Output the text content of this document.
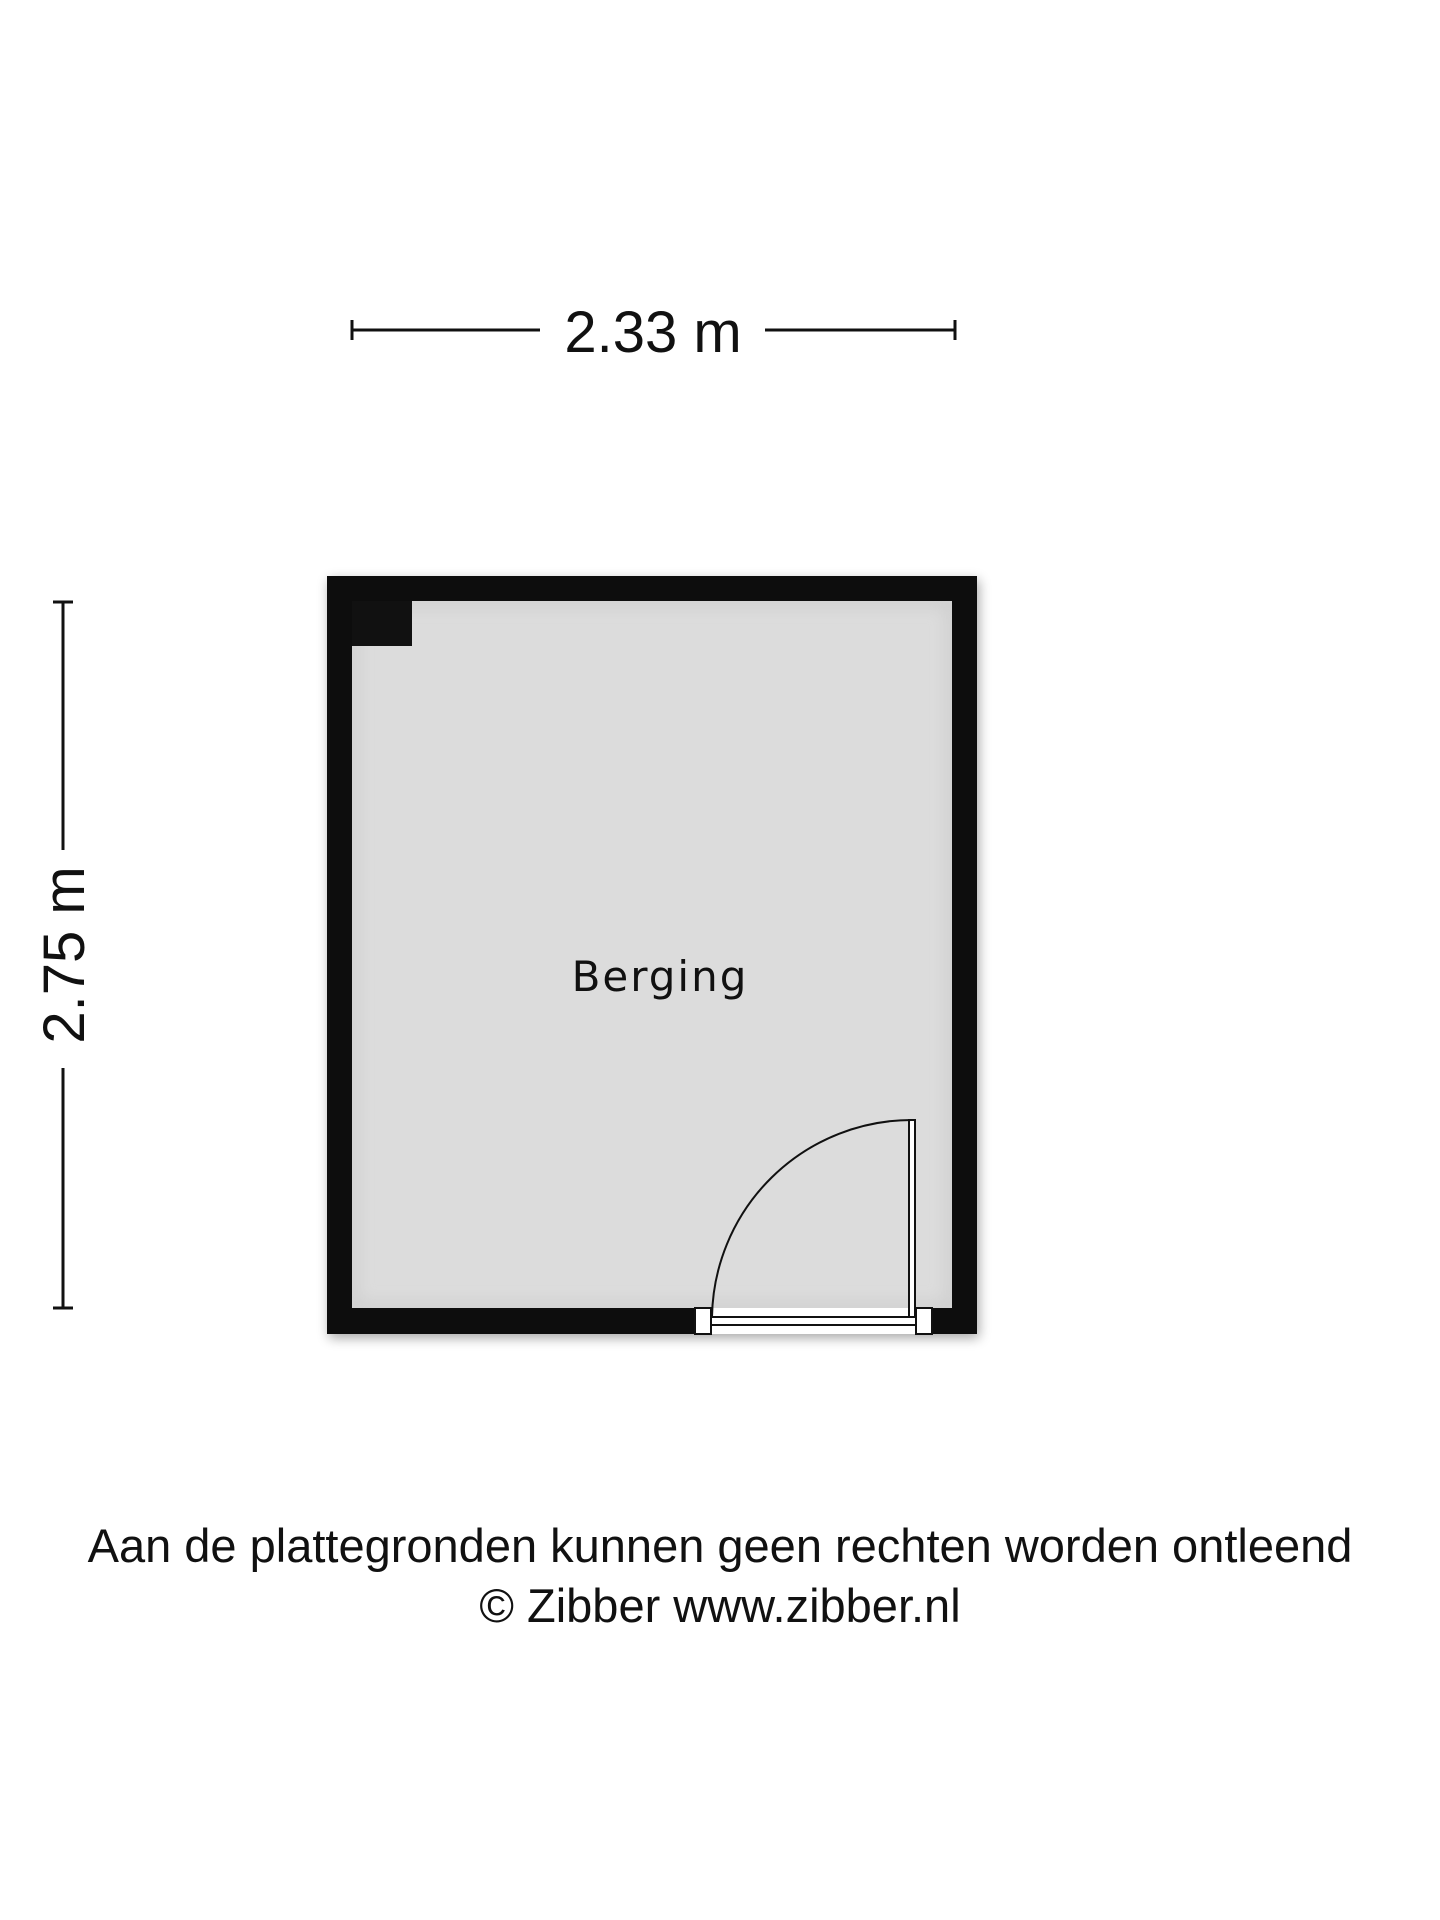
2.33 m
2.75 m	Berging
Aan de plattegronden kunnen geen rechten worden ontleend
© Zibber www.zibber.nl
